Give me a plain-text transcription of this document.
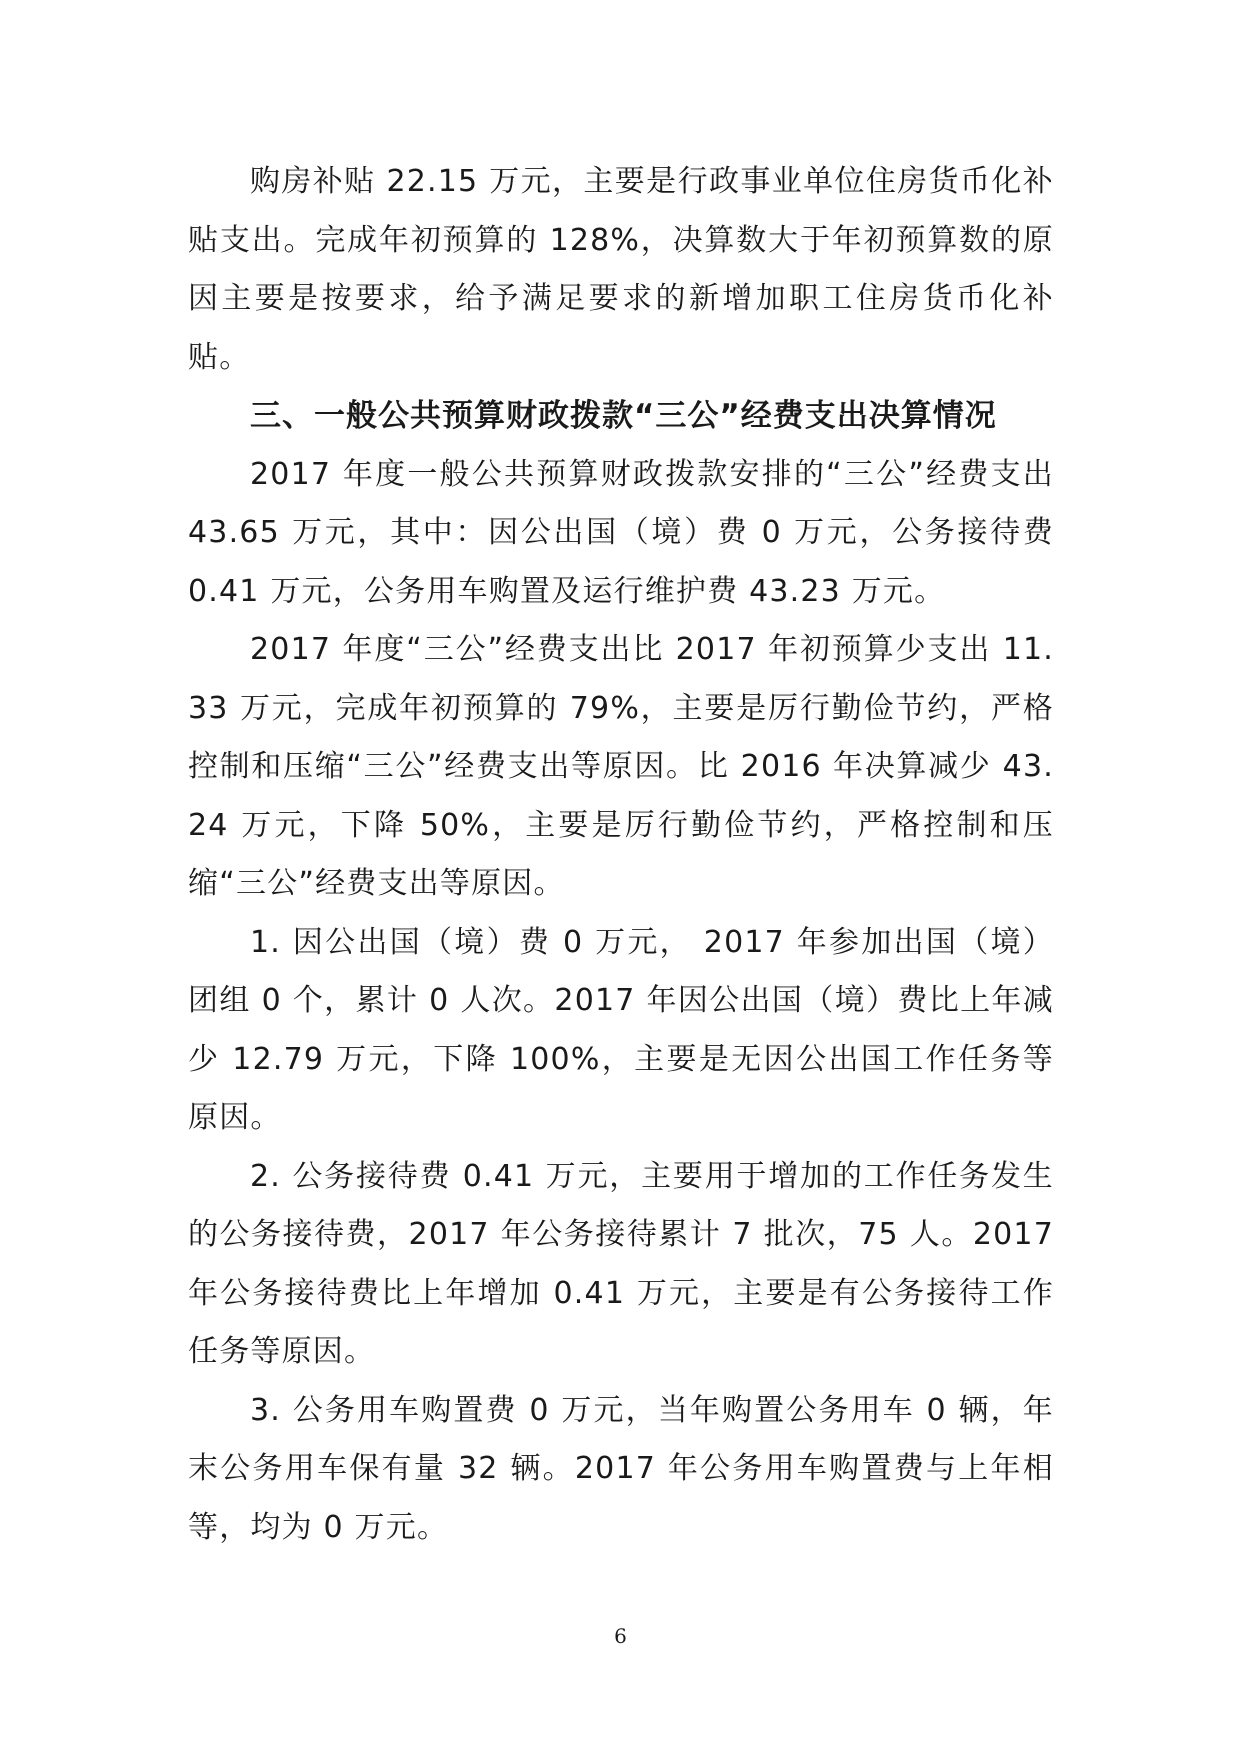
购房补贴 22.15 万元，主要是行政事业单位住房货币化补贴支出。完成年初预算的 128%，决算数大于年初预算数的原因主要是按要求，给予满足要求的新增加职工住房货币化补贴。

三、一般公共预算财政拨款“三公”经费支出决算情况

2017 年度一般公共预算财政拨款安排的“三公”经费支出 43.65 万元，其中：因公出国（境）费 0 万元，公务接待费 0.41 万元，公务用车购置及运行维护费 43.23 万元。

2017 年度“三公”经费支出比 2017 年初预算少支出 11.33 万元，完成年初预算的 79%，主要是厉行勤俭节约，严格控制和压缩“三公”经费支出等原因。比 2016 年决算减少 43.24 万元，下降 50%，主要是厉行勤俭节约，严格控制和压缩“三公”经费支出等原因。

1. 因公出国（境）费 0 万元， 2017 年参加出国（境）团组 0 个，累计 0 人次。2017 年因公出国（境）费比上年减少 12.79 万元，下降 100%，主要是无因公出国工作任务等原因。

2. 公务接待费 0.41 万元，主要用于增加的工作任务发生的公务接待费，2017 年公务接待累计 7 批次，75 人。2017 年公务接待费比上年增加 0.41 万元，主要是有公务接待工作任务等原因。

3. 公务用车购置费 0 万元，当年购置公务用车 0 辆，年末公务用车保有量 32 辆。2017 年公务用车购置费与上年相等，均为 0 万元。

6
